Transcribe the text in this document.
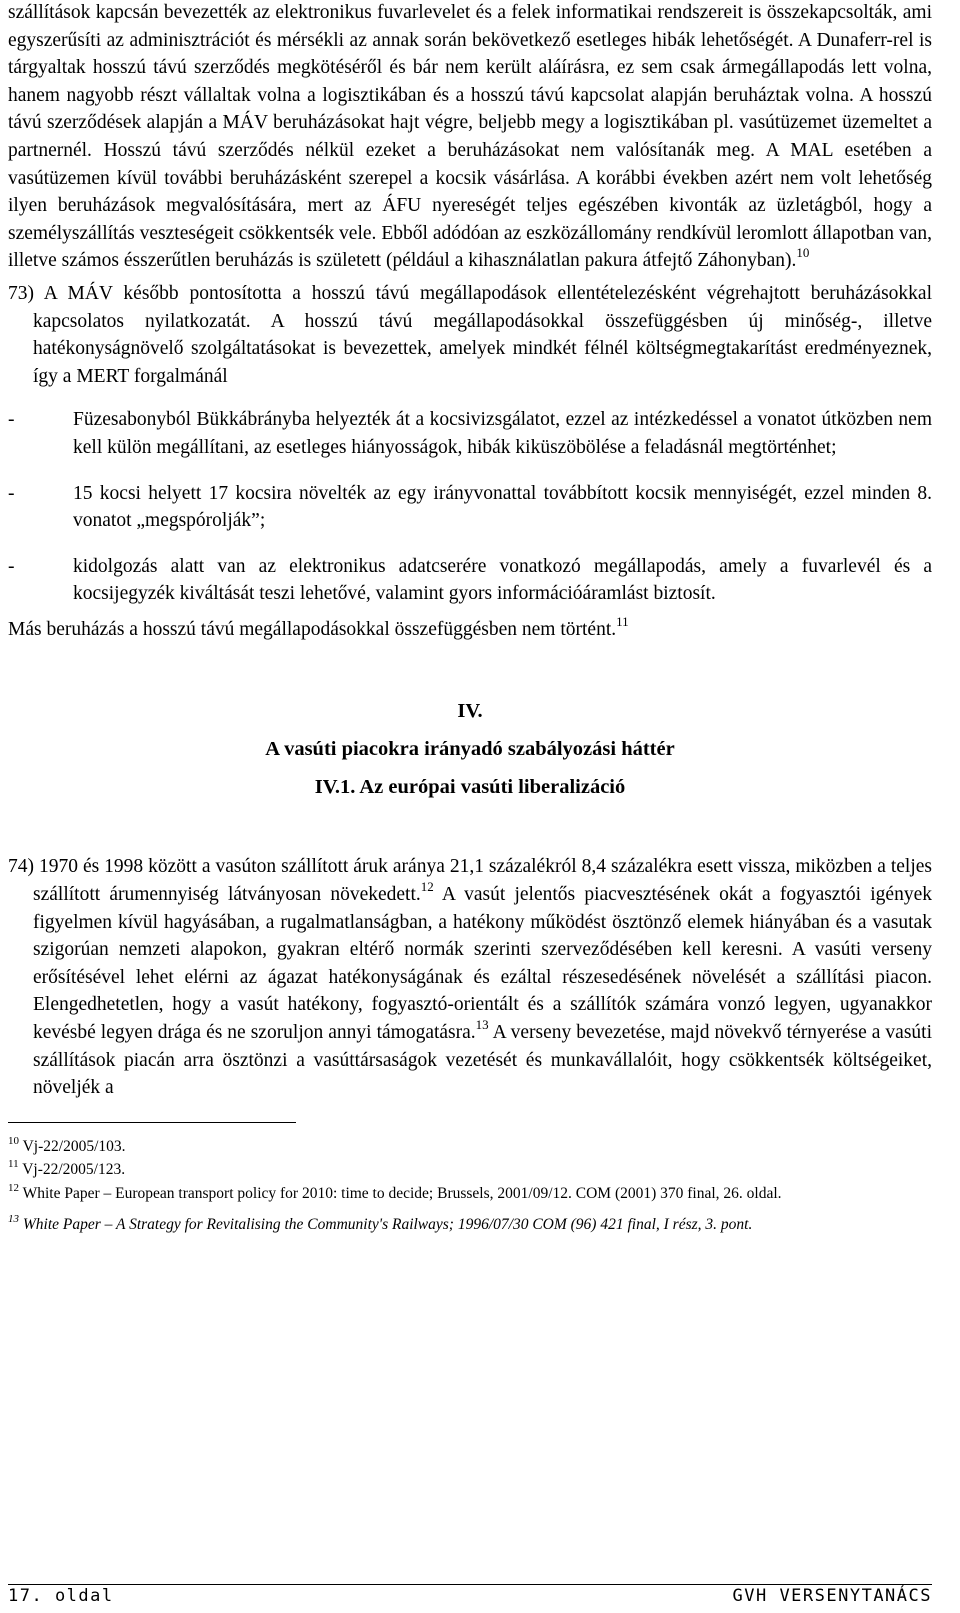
szállítások kapcsán bevezették az elektronikus fuvarlevelet és a felek informatikai rendszereit is összekapcsolták, ami egyszerűsíti az adminisztrációt és mérsékli az annak során bekövetkező esetleges hibák lehetőségét. A Dunaferr-rel is tárgyaltak hosszú távú szerződés megkötéséről és bár nem került aláírásra, ez sem csak ármegállapodás lett volna, hanem nagyobb részt vállaltak volna a logisztikában és a hosszú távú kapcsolat alapján beruháztak volna. A hosszú távú szerződések alapján a MÁV beruházásokat hajt végre, beljebb megy a logisztikában pl. vasútüzemet üzemeltet a partnernél. Hosszú távú szerződés nélkül ezeket a beruházásokat nem valósítanák meg. A MAL esetében a vasútüzemen kívül további beruházásként szerepel a kocsik vásárlása. A korábbi években azért nem volt lehetőség ilyen beruházások megvalósítására, mert az ÁFU nyereségét teljes egészében kivonták az üzletágból, hogy a személyszállítás veszteségeit csökkentsék vele. Ebből adódóan az eszközállomány rendkívül leromlott állapotban van, illetve számos ésszerűtlen beruházás is született (például a kihasználatlan pakura átfejtő Záhonyban).$^{10}$

73) A MÁV később pontosította a hosszú távú megállapodások ellentételezésként végrehajtott beruházásokkal kapcsolatos nyilatkozatát. A hosszú távú megállapodásokkal összefüggésben új minőség-, illetve hatékonyságnövelő szolgáltatásokat is bevezettek, amelyek mindkét félnél költségmegtakarítást eredményeznek, így a MERT forgalmánál

-	Füzesabonyból Bükkábrányba helyezték át a kocsivizsgálatot, ezzel az intézkedéssel a vonatot útközben nem kell külön megállítani, az esetleges hiányosságok, hibák kiküszöbölése a feladásnál megtörténhet;
-	15 kocsi helyett 17 kocsira növelték az egy irányvonattal továbbított kocsik mennyiségét, ezzel minden 8. vonatot „megspórolják”;
-	kidolgozás alatt van az elektronikus adatcserére vonatkozó megállapodás, amely a fuvarlevél és a kocsijegyzék kiváltását teszi lehetővé, valamint gyors információáramlást biztosít.

Más beruházás a hosszú távú megállapodásokkal összefüggésben nem történt.$^{11}$

IV.

A vasúti piacokra irányadó szabályozási háttér

IV.1. Az európai vasúti liberalizáció

74) 1970 és 1998 között a vasúton szállított áruk aránya 21,1 százalékról 8,4 százalékra esett vissza, miközben a teljes szállított árumennyiség látványosan növekedett.$^{12}$ A vasút jelentős piacvesztésének okát a fogyasztói igények figyelmen kívül hagyásában, a rugalmatlanságban, a hatékony működést ösztönző elemek hiányában és a vasutak szigorúan nemzeti alapokon, gyakran eltérő normák szerinti szerveződésében kell keresni. A vasúti verseny erősítésével lehet elérni az ágazat hatékonyságának és ezáltal részesedésének növelését a szállítási piacon. Elengedhetetlen, hogy a vasút hatékony, fogyasztó-orientált és a szállítók számára vonzó legyen, ugyanakkor kevésbé legyen drága és ne szoruljon annyi támogatásra.$^{13}$ A verseny bevezetése, majd növekvő térnyerése a vasúti szállítások piacán arra ösztönzi a vasúttársaságok vezetését és munkavállalóit, hogy csökkentsék költségeiket, növeljék a

$^{10}$ Vj-22/2005/103.

$^{11}$ Vj-22/2005/123.

$^{12}$ White Paper – European transport policy for 2010: time to decide; Brussels, 2001/09/12. COM (2001) 370 final, 26. oldal.

$^{13}$ White Paper – A Strategy for Revitalising the Community's Railways; 1996/07/30 COM (96) 421 final, I rész, 3. pont.

17. oldal	GVH VERSENYTANÁCS
